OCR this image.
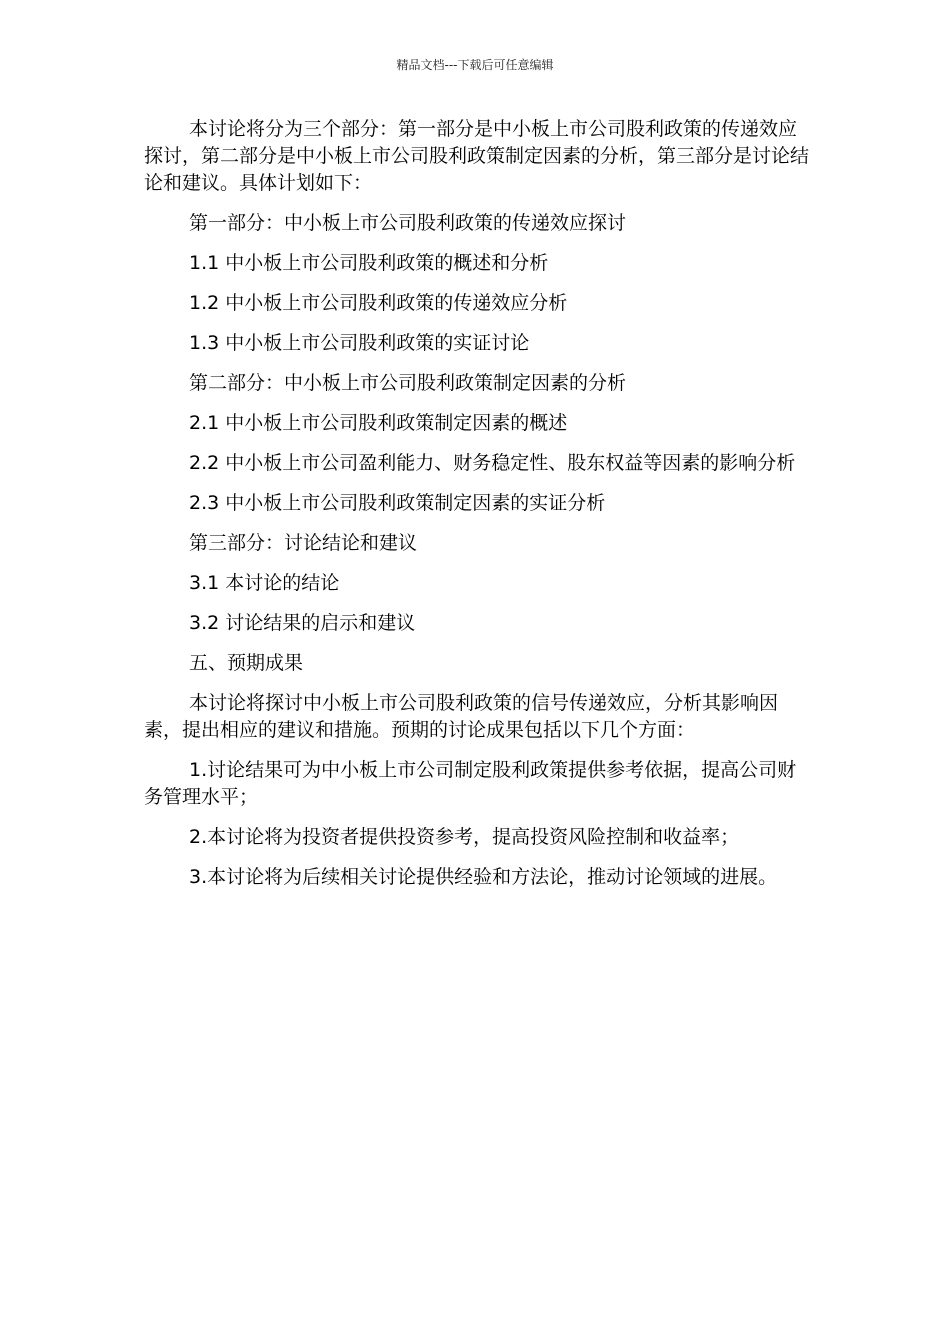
精品文档---下载后可任意编辑

本讨论将分为三个部分：第一部分是中小板上市公司股利政策的传递效应探讨，第二部分是中小板上市公司股利政策制定因素的分析，第三部分是讨论结论和建议。具体计划如下：

第一部分：中小板上市公司股利政策的传递效应探讨

1.1 中小板上市公司股利政策的概述和分析

1.2 中小板上市公司股利政策的传递效应分析

1.3 中小板上市公司股利政策的实证讨论

第二部分：中小板上市公司股利政策制定因素的分析

2.1 中小板上市公司股利政策制定因素的概述

2.2 中小板上市公司盈利能力、财务稳定性、股东权益等因素的影响分析

2.3 中小板上市公司股利政策制定因素的实证分析

第三部分：讨论结论和建议

3.1 本讨论的结论

3.2 讨论结果的启示和建议

五、预期成果

本讨论将探讨中小板上市公司股利政策的信号传递效应，分析其影响因素，提出相应的建议和措施。预期的讨论成果包括以下几个方面：

1.讨论结果可为中小板上市公司制定股利政策提供参考依据，提高公司财务管理水平；

2.本讨论将为投资者提供投资参考，提高投资风险控制和收益率；

3.本讨论将为后续相关讨论提供经验和方法论，推动讨论领域的进展。
